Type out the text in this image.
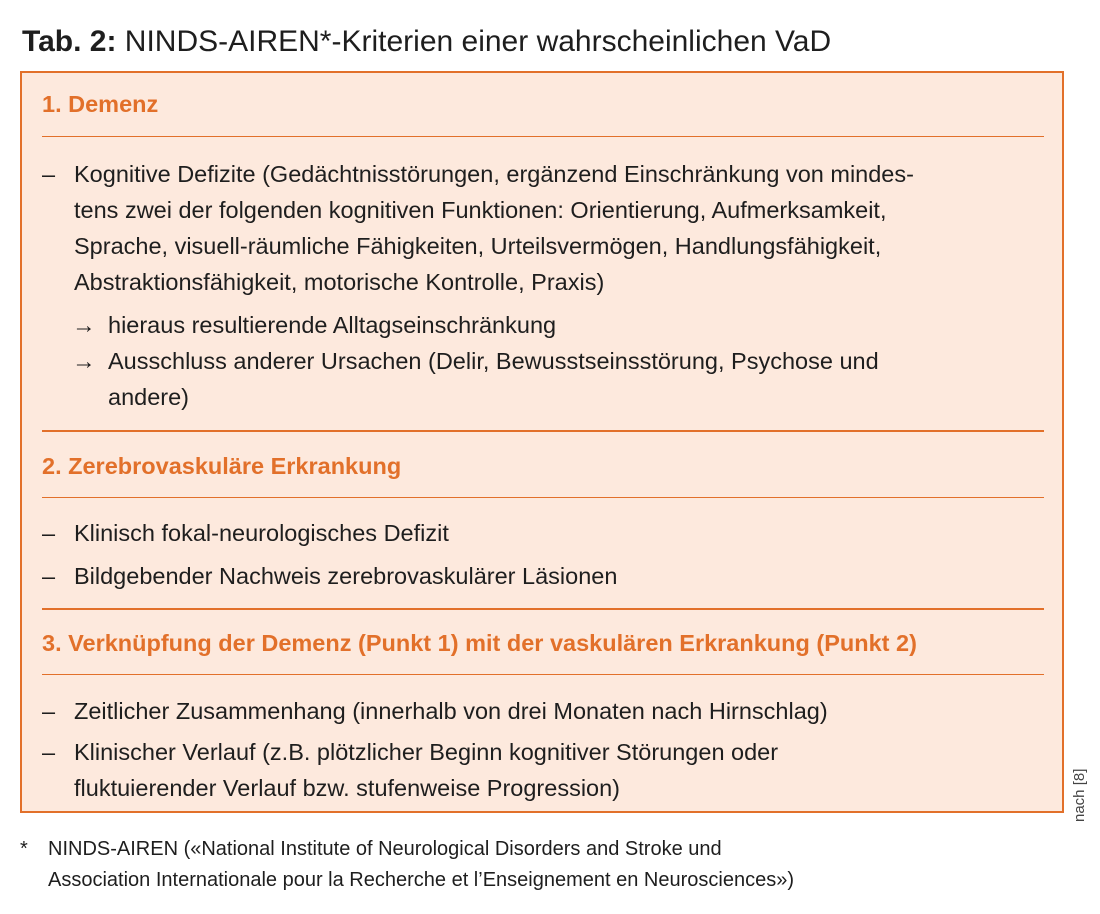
Tab. 2: NINDS-AIREN*-Kriterien einer wahrscheinlichen VaD
1. Demenz
– Kognitive Defizite (Gedächtnisstörungen, ergänzend Einschränkung von mindes-
tens zwei der folgenden kognitiven Funktionen: Orientierung, Aufmerksamkeit,
Sprache, visuell-räumliche Fähigkeiten, Urteilsvermögen, Handlungsfähigkeit,
Abstraktionsfähigkeit, motorische Kontrolle, Praxis)
→ hieraus resultierende Alltagseinschränkung
→ Ausschluss anderer Ursachen (Delir, Bewusstseinsstörung, Psychose und
andere)
2. Zerebrovaskuläre Erkrankung
– Klinisch fokal-neurologisches Defizit
– Bildgebender Nachweis zerebrovaskulärer Läsionen
3. Verknüpfung der Demenz (Punkt 1) mit der vaskulären Erkrankung (Punkt 2)
– Zeitlicher Zusammenhang (innerhalb von drei Monaten nach Hirnschlag)
– Klinischer Verlauf (z.B. plötzlicher Beginn kognitiver Störungen oder
fluktuierender Verlauf bzw. stufenweise Progression)	nach [8]
* NINDS-AIREN («National Institute of Neurological Disorders and Stroke und
Association Internationale pour la Recherche et l’Enseignement en Neurosciences»)
